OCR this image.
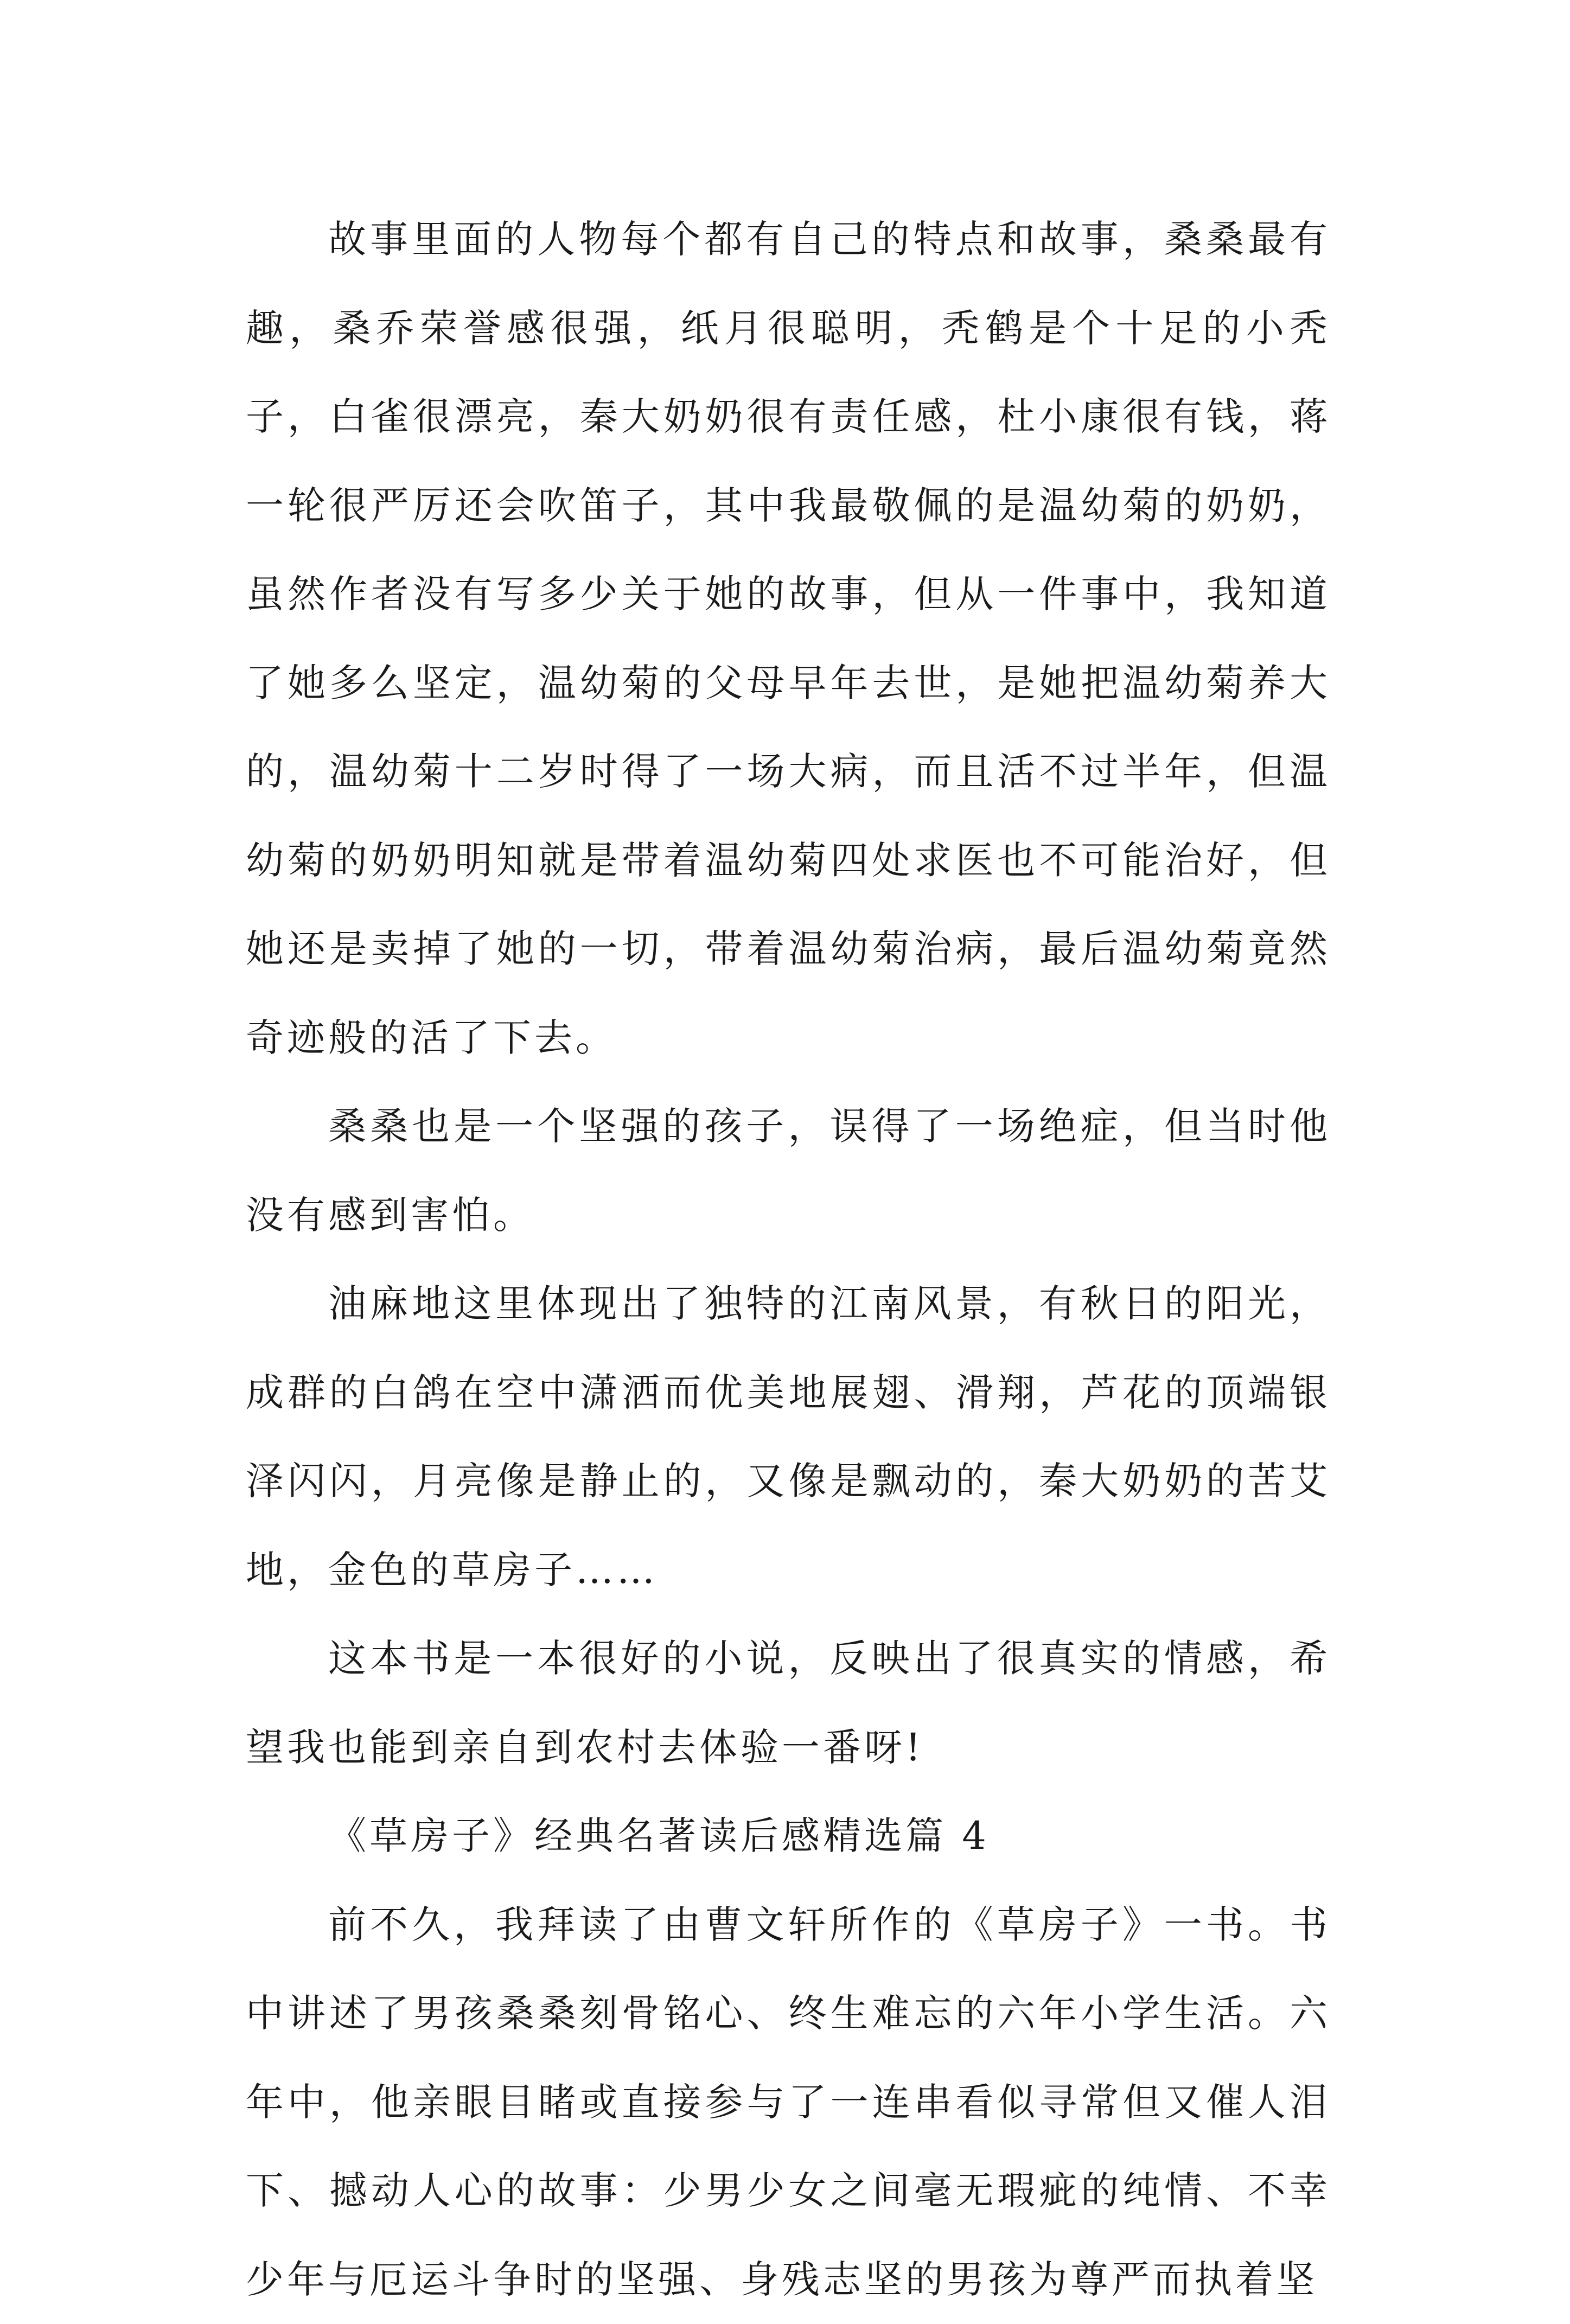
故事里面的人物每个都有自己的特点和故事，桑桑最有趣，桑乔荣誉感很强，纸月很聪明，秃鹤是个十足的小秃子，白雀很漂亮，秦大奶奶很有责任感，杜小康很有钱，蒋一轮很严厉还会吹笛子，其中我最敬佩的是温幼菊的奶奶，虽然作者没有写多少关于她的故事，但从一件事中，我知道了她多么坚定，温幼菊的父母早年去世，是她把温幼菊养大的，温幼菊十二岁时得了一场大病，而且活不过半年，但温幼菊的奶奶明知就是带着温幼菊四处求医也不可能治好，但她还是卖掉了她的一切，带着温幼菊治病，最后温幼菊竟然奇迹般的活了下去。

桑桑也是一个坚强的孩子，误得了一场绝症，但当时他没有感到害怕。

油麻地这里体现出了独特的江南风景，有秋日的阳光，成群的白鸽在空中潇洒而优美地展翅、滑翔，芦花的顶端银泽闪闪，月亮像是静止的，又像是飘动的，秦大奶奶的苦艾地，金色的草房子……

这本书是一本很好的小说，反映出了很真实的情感，希望我也能到亲自到农村去体验一番呀!

《草房子》经典名著读后感精选篇 4

前不久，我拜读了由曹文轩所作的《草房子》一书。书中讲述了男孩桑桑刻骨铭心、终生难忘的六年小学生活。六年中，他亲眼目睹或直接参与了一连串看似寻常但又催人泪下、撼动人心的故事：少男少女之间毫无瑕疵的纯情、不幸少年与厄运斗争时的坚强、身残志坚的男孩为尊严而执着坚
